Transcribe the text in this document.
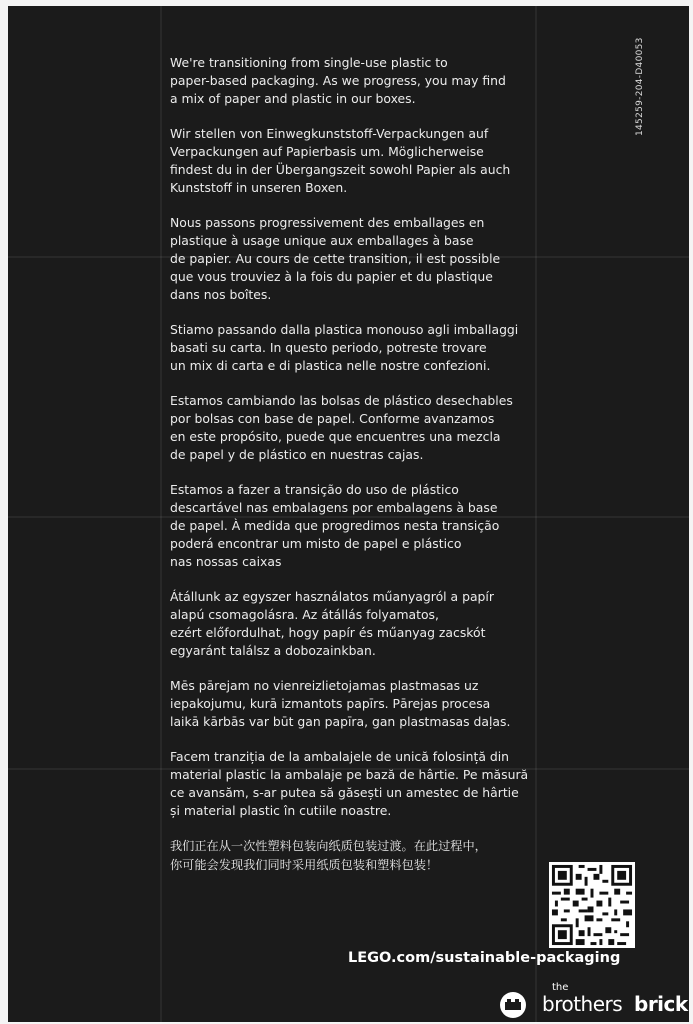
145259-204-D40053

We're transitioning from single-use plastic to
paper-based packaging. As we progress, you may find
a mix of paper and plastic in our boxes.

Wir stellen von Einwegkunststoff-Verpackungen auf
Verpackungen auf Papierbasis um. Möglicherweise
findest du in der Übergangszeit sowohl Papier als auch
Kunststoff in unseren Boxen.

Nous passons progressivement des emballages en
plastique à usage unique aux emballages à base
de papier. Au cours de cette transition, il est possible
que vous trouviez à la fois du papier et du plastique
dans nos boîtes.

Stiamo passando dalla plastica monouso agli imballaggi
basati su carta. In questo periodo, potreste trovare
un mix di carta e di plastica nelle nostre confezioni.

Estamos cambiando las bolsas de plástico desechables
por bolsas con base de papel. Conforme avanzamos
en este propósito, puede que encuentres una mezcla
de papel y de plástico en nuestras cajas.

Estamos a fazer a transição do uso de plástico
descartável nas embalagens por embalagens à base
de papel. À medida que progredimos nesta transição
poderá encontrar um misto de papel e plástico
nas nossas caixas

Átállunk az egyszer használatos műanyagról a papír
alapú csomagolásra. Az átállás folyamatos,
ezért előfordulhat, hogy papír és műanyag zacskót
egyaránt találsz a dobozainkban.

Mēs pārejam no vienreizlietojamas plastmasas uz
iepakojumu, kurā izmantots papīrs. Pārejas procesa
laikā kārbās var būt gan papīra, gan plastmasas daļas.

Facem tranziția de la ambalajele de unică folosință din
material plastic la ambalaje pe bază de hârtie. Pe măsură
ce avansăm, s-ar putea să găsești un amestec de hârtie
și material plastic în cutiile noastre.

我们正在从一次性塑料包装向纸质包装过渡。在此过程中，
你可能会发现我们同时采用纸质包装和塑料包装！

LEGO.com/sustainable-packaging
the
brothers brick
